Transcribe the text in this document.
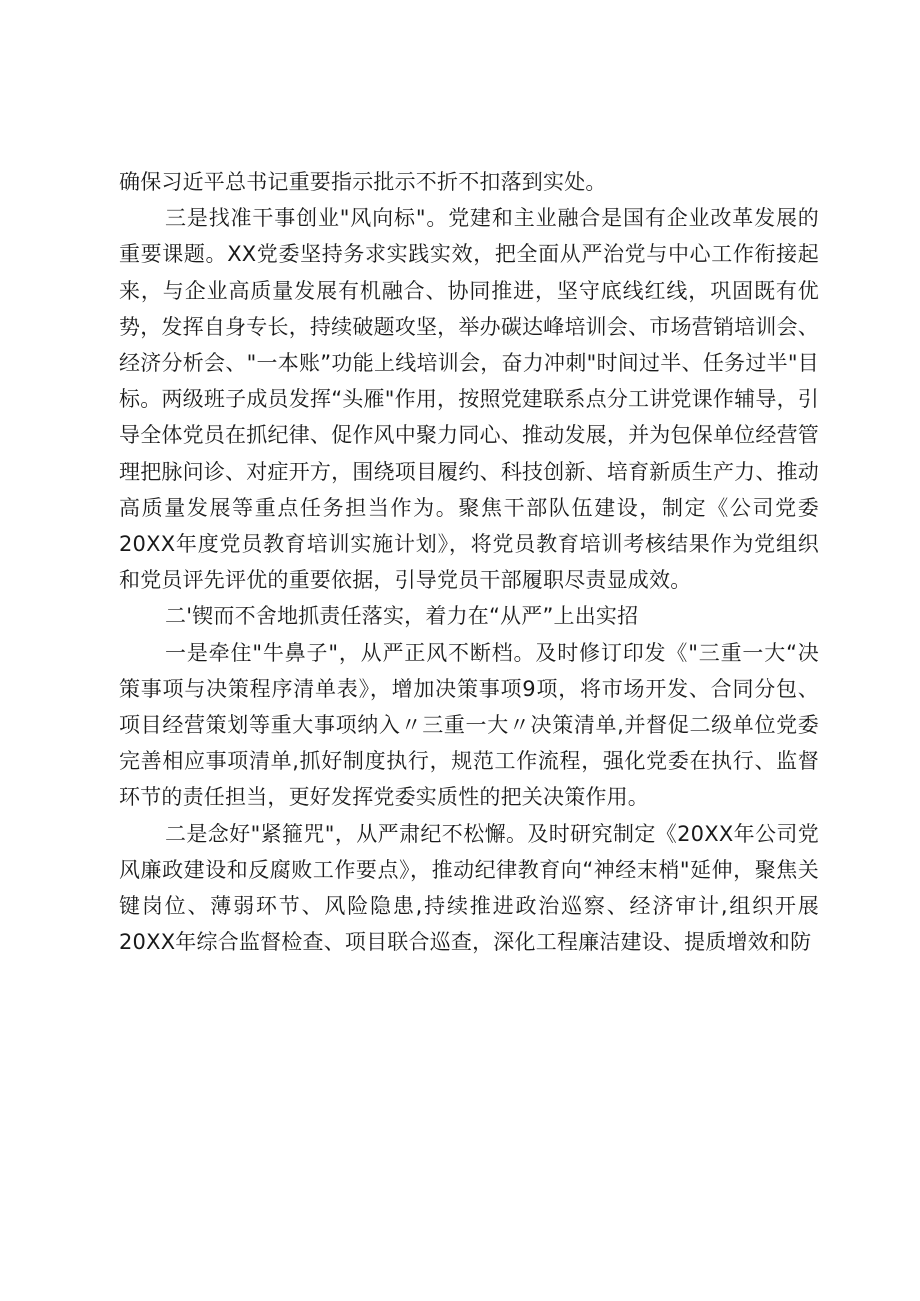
确保习近平总书记重要指示批示不折不扣落到实处。

三是找准干事创业"风向标"。党建和主业融合是国有企业改革发展的重要课题。XX党委坚持务求实践实效，把全面从严治党与中心工作衔接起来，与企业高质量发展有机融合、协同推进，坚守底线红线，巩固既有优势，发挥自身专长，持续破题攻坚，举办碳达峰培训会、市场营销培训会、经济分析会、"一本账”功能上线培训会，奋力冲刺"时间过半、任务过半"目标。两级班子成员发挥“头雁"作用，按照党建联系点分工讲党课作辅导，引导全体党员在抓纪律、促作风中聚力同心、推动发展，并为包保单位经营管理把脉问诊、对症开方，围绕项目履约、科技创新、培育新质生产力、推动高质量发展等重点任务担当作为。聚焦干部队伍建设，制定《公司党委20XX年度党员教育培训实施计划》，将党员教育培训考核结果作为党组织和党员评先评优的重要依据，引导党员干部履职尽责显成效。

二'锲而不舍地抓责任落实，着力在“从严”上出实招

一是牵住"牛鼻子"，从严正风不断档。及时修订印发《"三重一大“决策事项与决策程序清单表》，增加决策事项9项，将市场开发、合同分包、项目经营策划等重大事项纳入〃三重一大〃决策清单,并督促二级单位党委完善相应事项清单,抓好制度执行，规范工作流程，强化党委在执行、监督环节的责任担当，更好发挥党委实质性的把关决策作用。

二是念好"紧箍咒"，从严肃纪不松懈。及时研究制定《20XX年公司党风廉政建设和反腐败工作要点》，推动纪律教育向“神经末梢"延伸，聚焦关键岗位、薄弱环节、风险隐患,持续推进政治巡察、经济审计,组织开展20XX年综合监督检查、项目联合巡查，深化工程廉洁建设、提质增效和防
